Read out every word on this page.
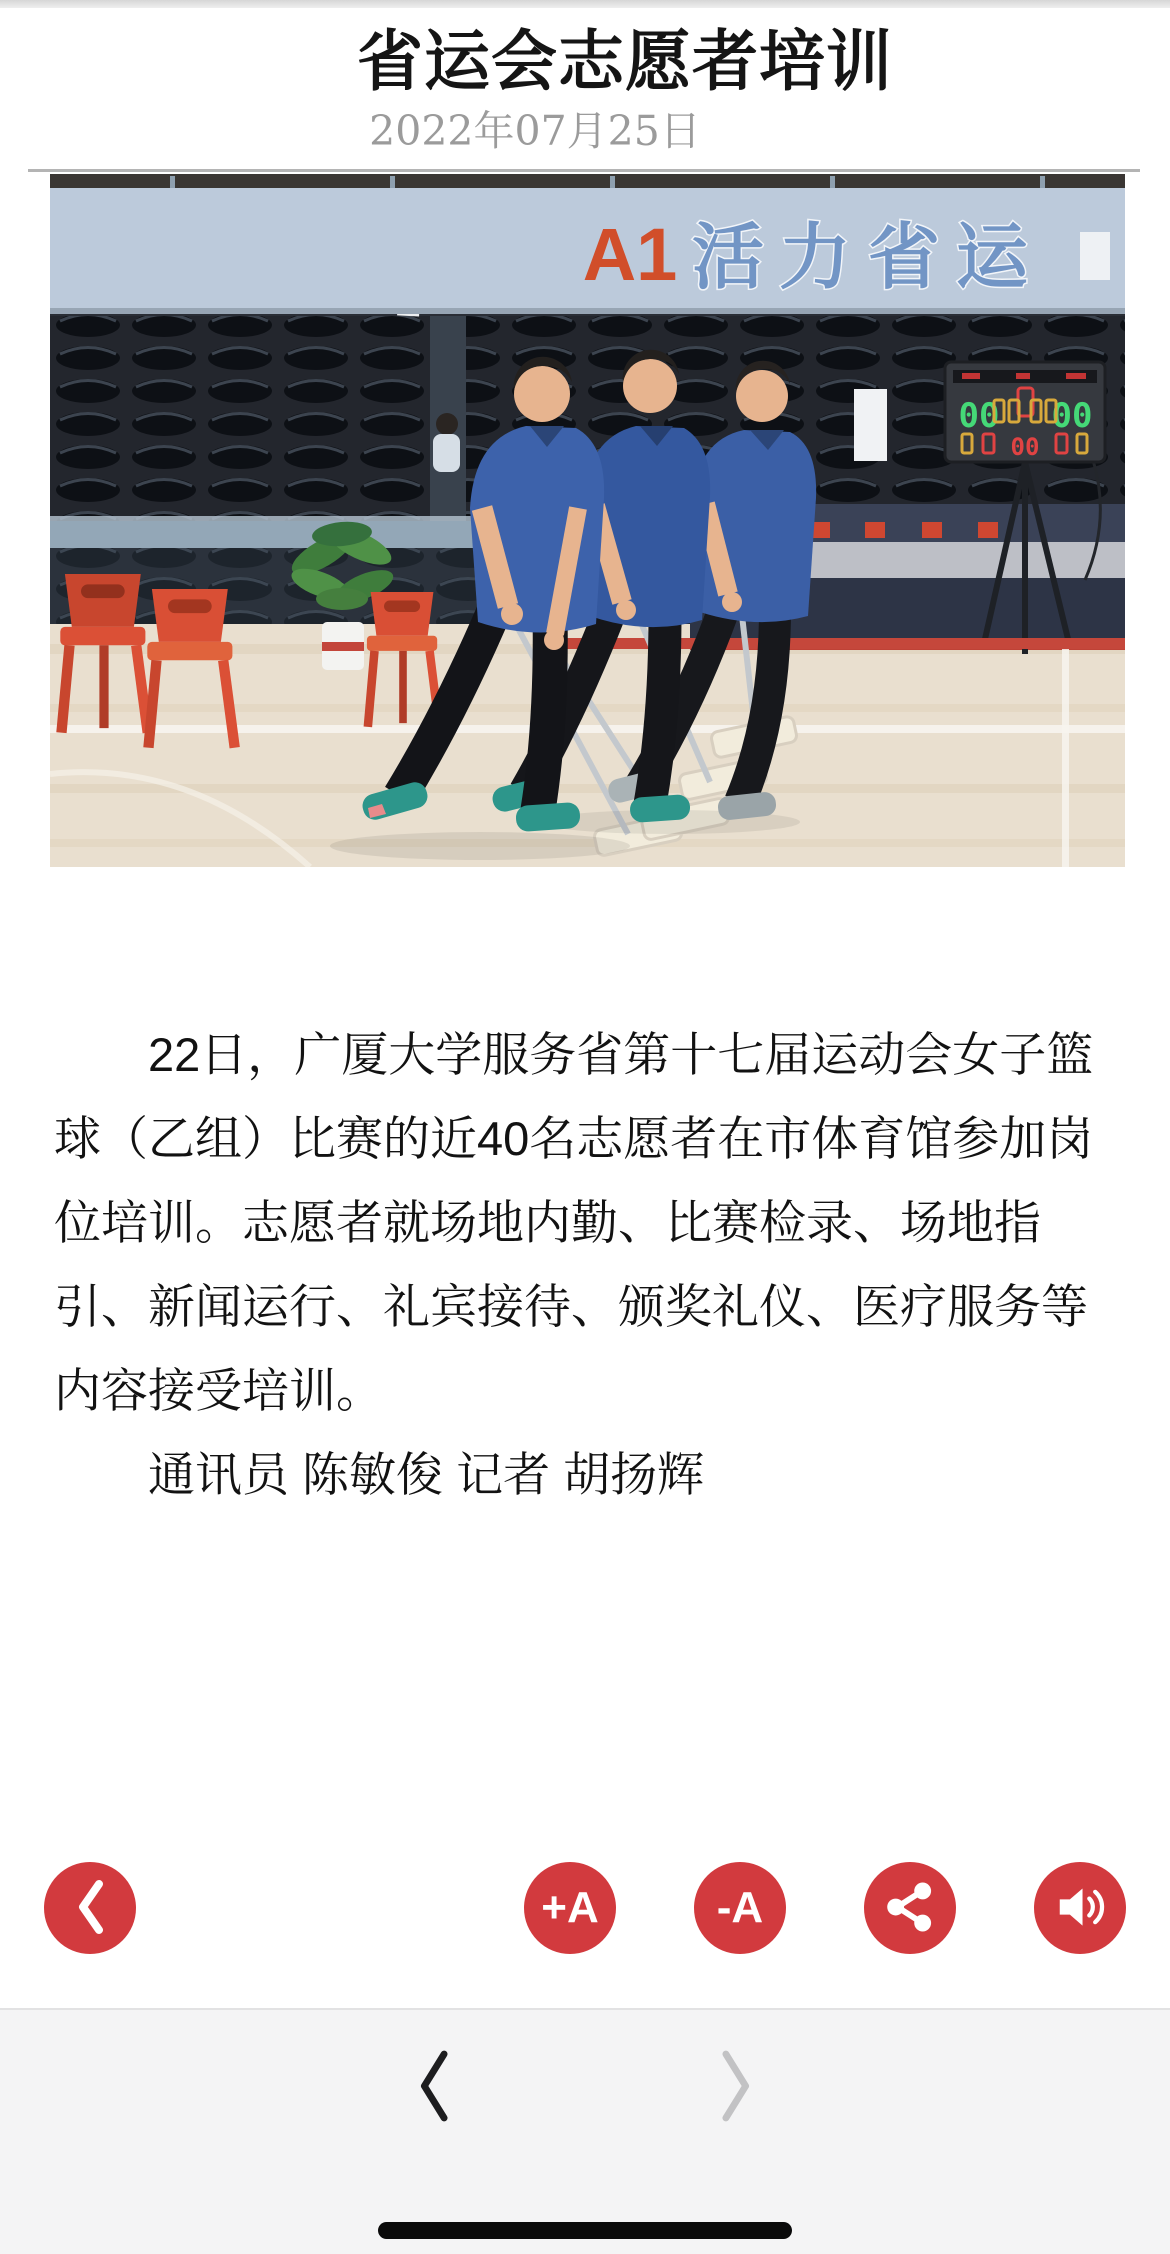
省运会志愿者培训
2022年07月25日
A1 活 力 省 运
00 00
00
22日，广厦大学服务省第十七届运动会女子篮
球（乙组）比赛的近40名志愿者在市体育馆参加岗
位培训。志愿者就场地内勤、比赛检录、场地指
引、新闻运行、礼宾接待、颁奖礼仪、医疗服务等
内容接受培训。
通讯员 陈敏俊 记者 胡扬辉
+A	-A
